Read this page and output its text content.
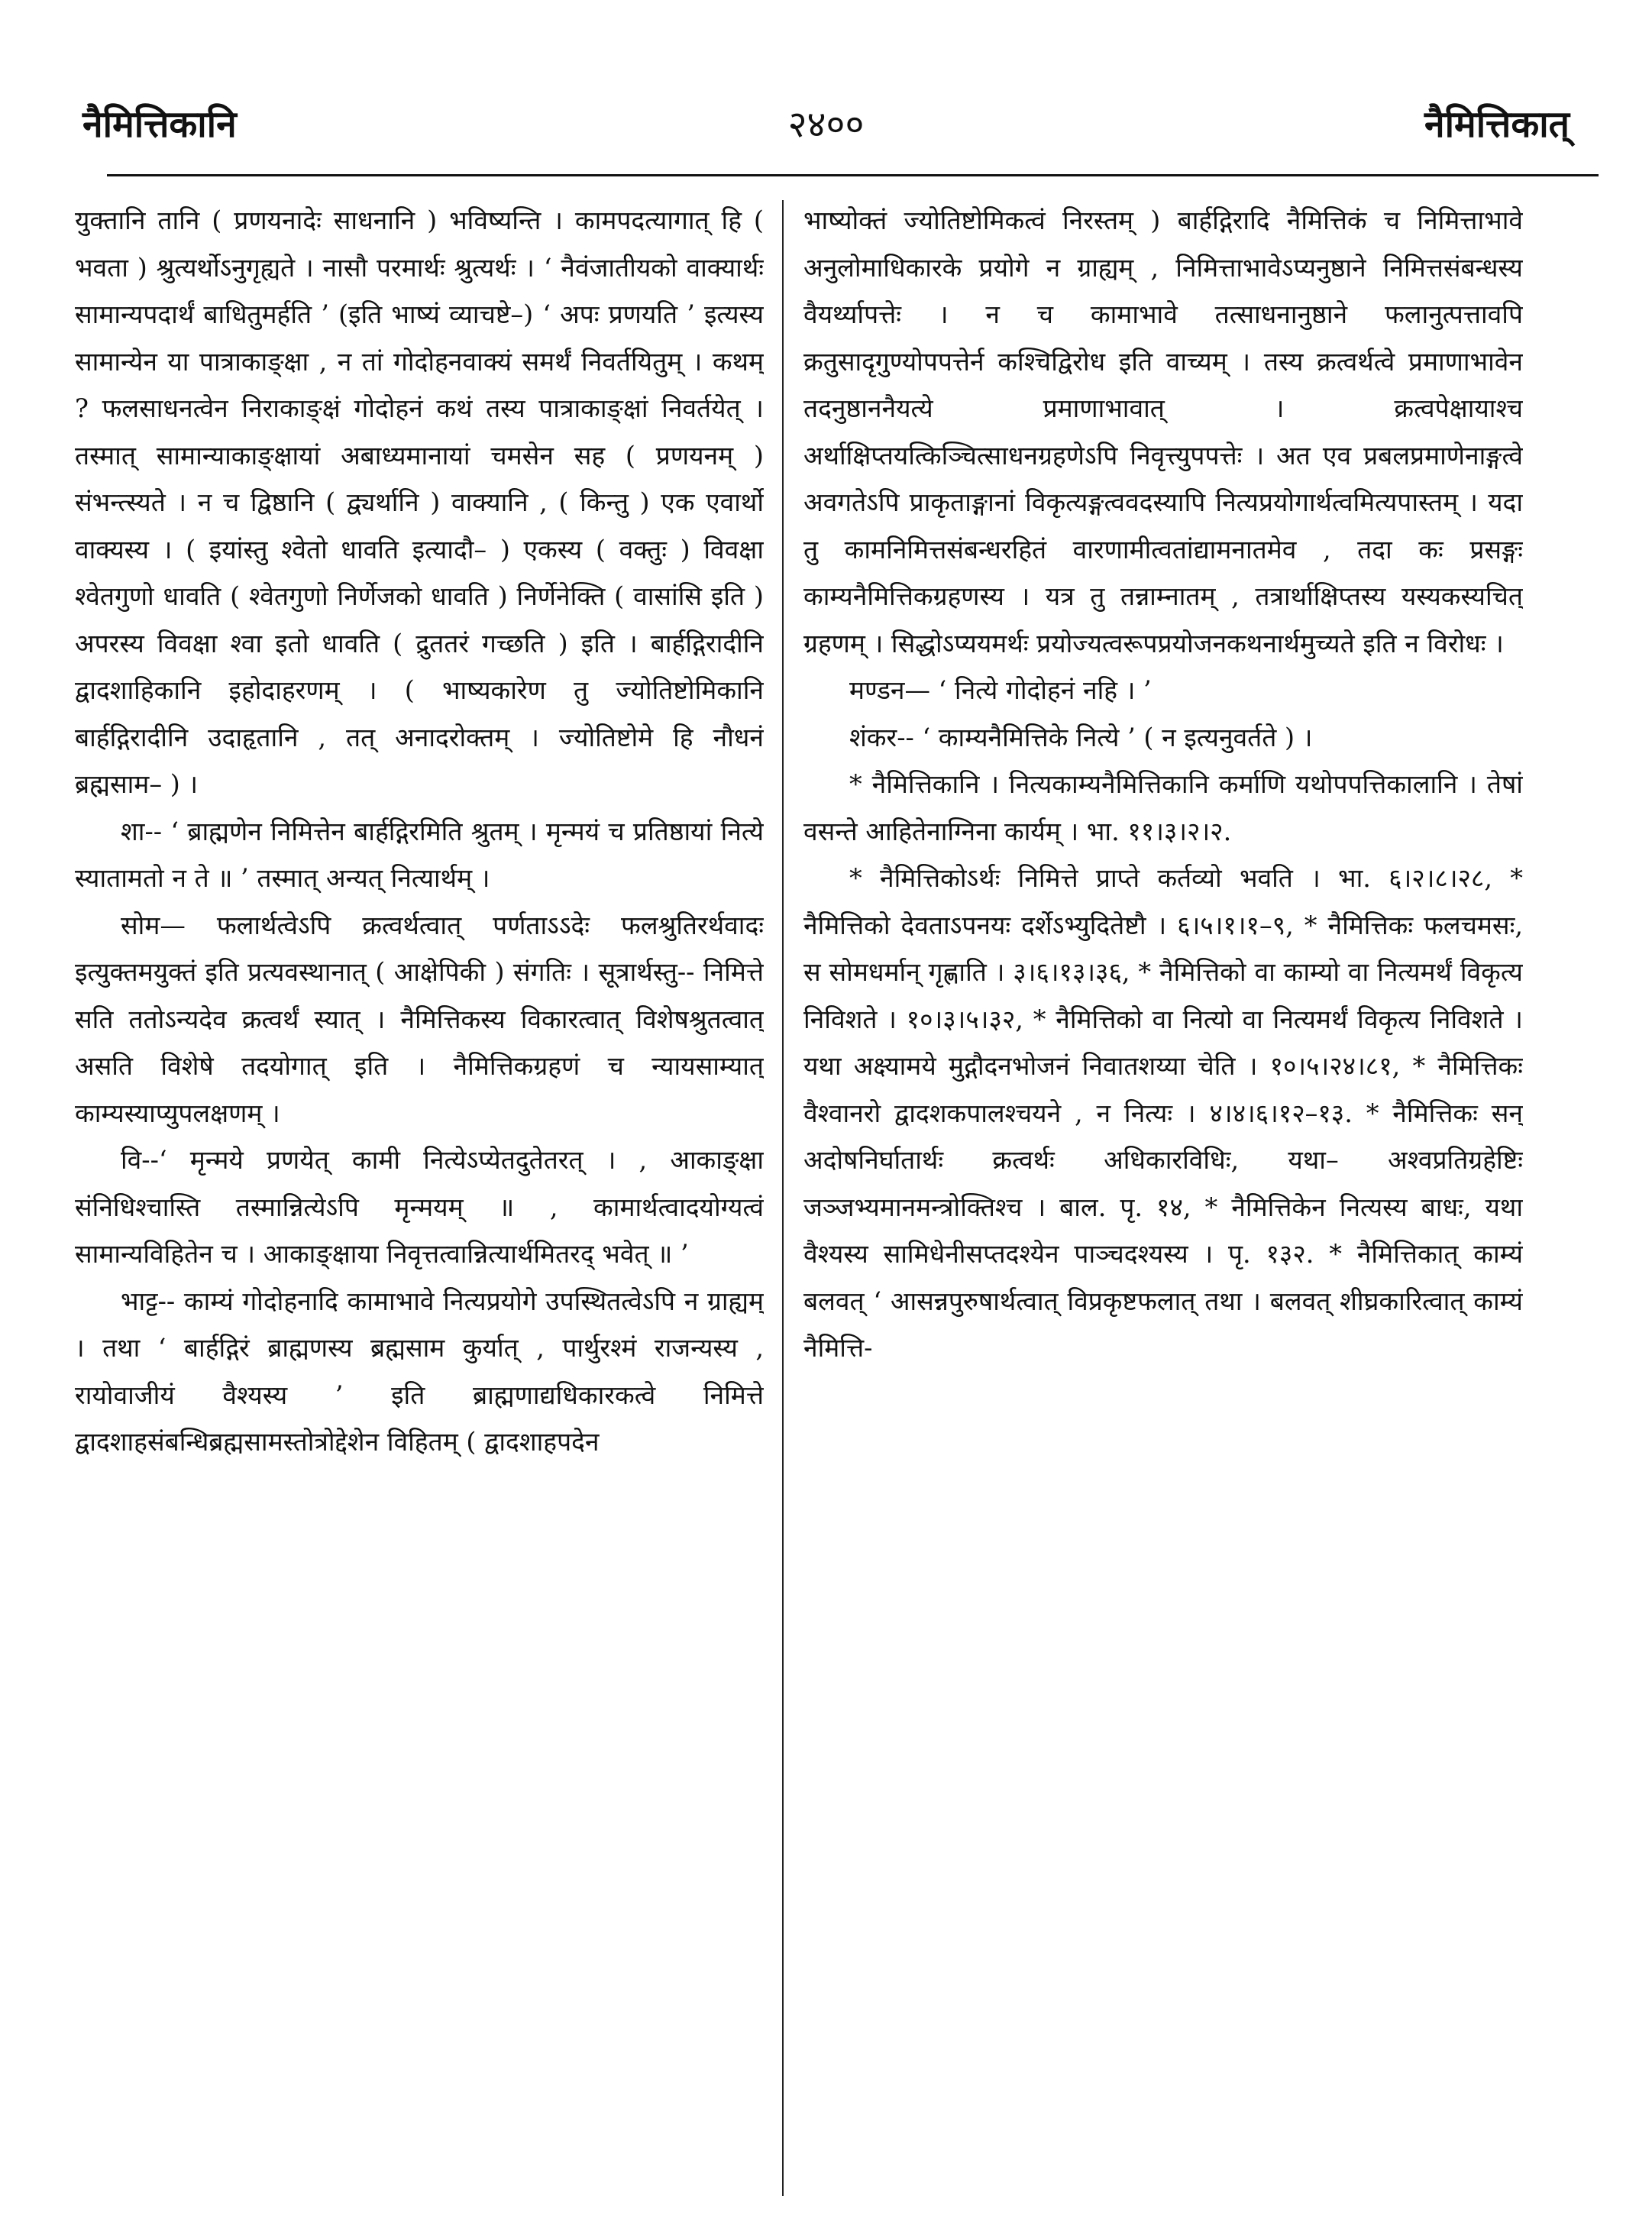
नैमित्तिकानि	२४००	नैमित्तिकात्

युक्तानि तानि ( प्रणयनादेः साधनानि ) भविष्यन्ति । कामपदत्यागात् हि ( भवता ) श्रुत्यर्थोऽनुगृह्यते । नासौ परमार्थः श्रुत्यर्थः । ‘ नैवंजातीयको वाक्यार्थः सामान्यपदार्थं बाधितुमर्हति ’ (इति भाष्यं व्याचष्टे–) ‘ अपः प्रणयति ’ इत्यस्य सामान्येन या पात्राकाङ्क्षा , न तां गोदोहनवाक्यं समर्थं निवर्तयितुम् । कथम् ? फलसाधनत्वेन निराकाङ्क्षं गोदोहनं कथं तस्य पात्राकाङ्क्षां निवर्तयेत् । तस्मात् सामान्याकाङ्क्षायां अबाध्यमानायां चमसेन सह ( प्रणयनम् ) संभन्त्स्यते । न च द्विष्ठानि ( द्व्यर्थानि ) वाक्यानि , ( किन्तु ) एक एवार्थो वाक्यस्य । ( इयांस्तु श्वेतो धावति इत्यादौ– ) एकस्य ( वक्तुः ) विवक्षा श्वेतगुणो धावति ( श्वेतगुणो निर्णेजको धावति ) निर्णेनेक्ति ( वासांसि इति ) अपरस्य विवक्षा श्वा इतो धावति ( द्रुततरं गच्छति ) इति । बार्हद्गिरादीनि द्वादशाहिकानि इहोदाहरणम् । ( भाष्यकारेण तु ज्योतिष्टोमिकानि बार्हद्गिरादीनि उदाहृतानि , तत् अनादरोक्तम् । ज्योतिष्टोमे हि नौधनं ब्रह्मसाम– ) ।

शा-- ‘ ब्राह्मणेन निमित्तेन बार्हद्गिरमिति श्रुतम् । मृन्मयं च प्रतिष्ठायां नित्ये स्यातामतो न ते ॥ ’ तस्मात् अन्यत् नित्यार्थम् ।

सोम— फलार्थत्वेऽपि क्रत्वर्थत्वात् पर्णताऽऽदेः फलश्रुतिरर्थवादः इत्युक्तमयुक्तं इति प्रत्यवस्थानात् ( आक्षेपिकी ) संगतिः । सूत्रार्थस्तु-- निमित्ते सति ततोऽन्यदेव क्रत्वर्थं स्यात् । नैमित्तिकस्य विकारत्वात् विशेषश्रुतत्वात् असति विशेषे तदयोगात् इति । नैमित्तिकग्रहणं च न्यायसाम्यात् काम्यस्याप्युपलक्षणम् ।

वि--‘ मृन्मये प्रणयेत् कामी नित्येऽप्येतदुतेतरत् । , आकाङ्क्षा संनिधिश्चास्ति तस्मान्नित्येऽपि मृन्मयम् ॥ , कामार्थत्वादयोग्यत्वं सामान्यविहितेन च । आकाङ्क्षाया निवृत्तत्वान्नित्यार्थमितरद् भवेत् ॥ ’

भाट्ट-- काम्यं गोदोहनादि कामाभावे नित्यप्रयोगे उपस्थितत्वेऽपि न ग्राह्यम् । तथा ‘ बार्हद्गिरं ब्राह्मणस्य ब्रह्मसाम कुर्यात् , पार्थुरश्मं राजन्यस्य , रायोवाजीयं वैश्यस्य ’ इति ब्राह्मणाद्यधिकारकत्वे निमित्ते द्वादशाहसंबन्धिब्रह्मसामस्तोत्रोद्देशेन विहितम् ( द्वादशाहपदेन

भाष्योक्तं ज्योतिष्टोमिकत्वं निरस्तम् ) बार्हद्गिरादि नैमित्तिकं च निमित्ताभावे अनुलोमाधिकारके प्रयोगे न ग्राह्यम् , निमित्ताभावेऽप्यनुष्ठाने निमित्तसंबन्धस्य वैयर्थ्यापत्तेः । न च कामाभावे तत्साधनानुष्ठाने फलानुत्पत्तावपि क्रतुसादृगुण्योपपत्तेर्न कश्चिद्विरोध इति वाच्यम् । तस्य क्रत्वर्थत्वे प्रमाणाभावेन तदनुष्ठाननैयत्ये प्रमाणाभावात् । क्रत्वपेक्षायाश्च अर्थाक्षिप्तयत्किञ्चित्साधनग्रहणेऽपि निवृत्त्युपपत्तेः । अत एव प्रबलप्रमाणेनाङ्गत्वे अवगतेऽपि प्राकृताङ्गानां विकृत्यङ्गत्ववदस्यापि नित्यप्रयोगार्थत्वमित्यपास्तम् । यदा तु कामनिमित्तसंबन्धरहितं वारणामीत्वतांद्यामनातमेव , तदा कः प्रसङ्गः काम्यनैमित्तिकग्रहणस्य । यत्र तु तन्नाम्नातम् , तत्रार्थाक्षिप्तस्य यस्यकस्यचित् ग्रहणम् । सिद्धोऽप्ययमर्थः प्रयोज्यत्वरूपप्रयोजनकथनार्थमुच्यते इति न विरोधः ।

मण्डन— ‘ नित्ये गोदोहनं नहि । ’

शंकर-- ‘ काम्यनैमित्तिके नित्ये ’ ( न इत्यनुवर्तते ) ।

* नैमित्तिकानि । नित्यकाम्यनैमित्तिकानि कर्माणि यथोपपत्तिकालानि । तेषां वसन्ते आहितेनाग्निना कार्यम् । भा. ११।३।२।२.

* नैमित्तिकोऽर्थः निमित्ते प्राप्ते कर्तव्यो भवति । भा. ६।२।८।२८, * नैमित्तिको देवताऽपनयः दर्शेऽभ्युदितेष्टौ । ६।५।१।१–९, * नैमित्तिकः फलचमसः, स सोमधर्मान् गृह्णाति । ३।६।१३।३६, * नैमित्तिको वा काम्यो वा नित्यमर्थं विकृत्य निविशते । १०।३।५।३२, * नैमित्तिको वा नित्यो वा नित्यमर्थं विकृत्य निविशते । यथा अक्ष्यामये मुद्गौदनभोजनं निवातशय्या चेति । १०।५।२४।८१, * नैमित्तिकः वैश्वानरो द्वादशकपालश्चयने , न नित्यः । ४।४।६।१२–१३. * नैमित्तिकः सन् अदोषनिर्घातार्थः क्रत्वर्थः अधिकारविधिः, यथा– अश्वप्रतिग्रहेष्टिः जञ्जभ्यमानमन्त्रोक्तिश्च । बाल. पृ. १४, * नैमित्तिकेन नित्यस्य बाधः, यथा वैश्यस्य सामिधेनीसप्तदश्येन पाञ्चदश्यस्य । पृ. १३२. * नैमित्तिकात् काम्यं बलवत् ‘ आसन्नपुरुषार्थत्वात् विप्रकृष्टफलात् तथा । बलवत् शीघ्रकारित्वात् काम्यं नैमित्ति-
